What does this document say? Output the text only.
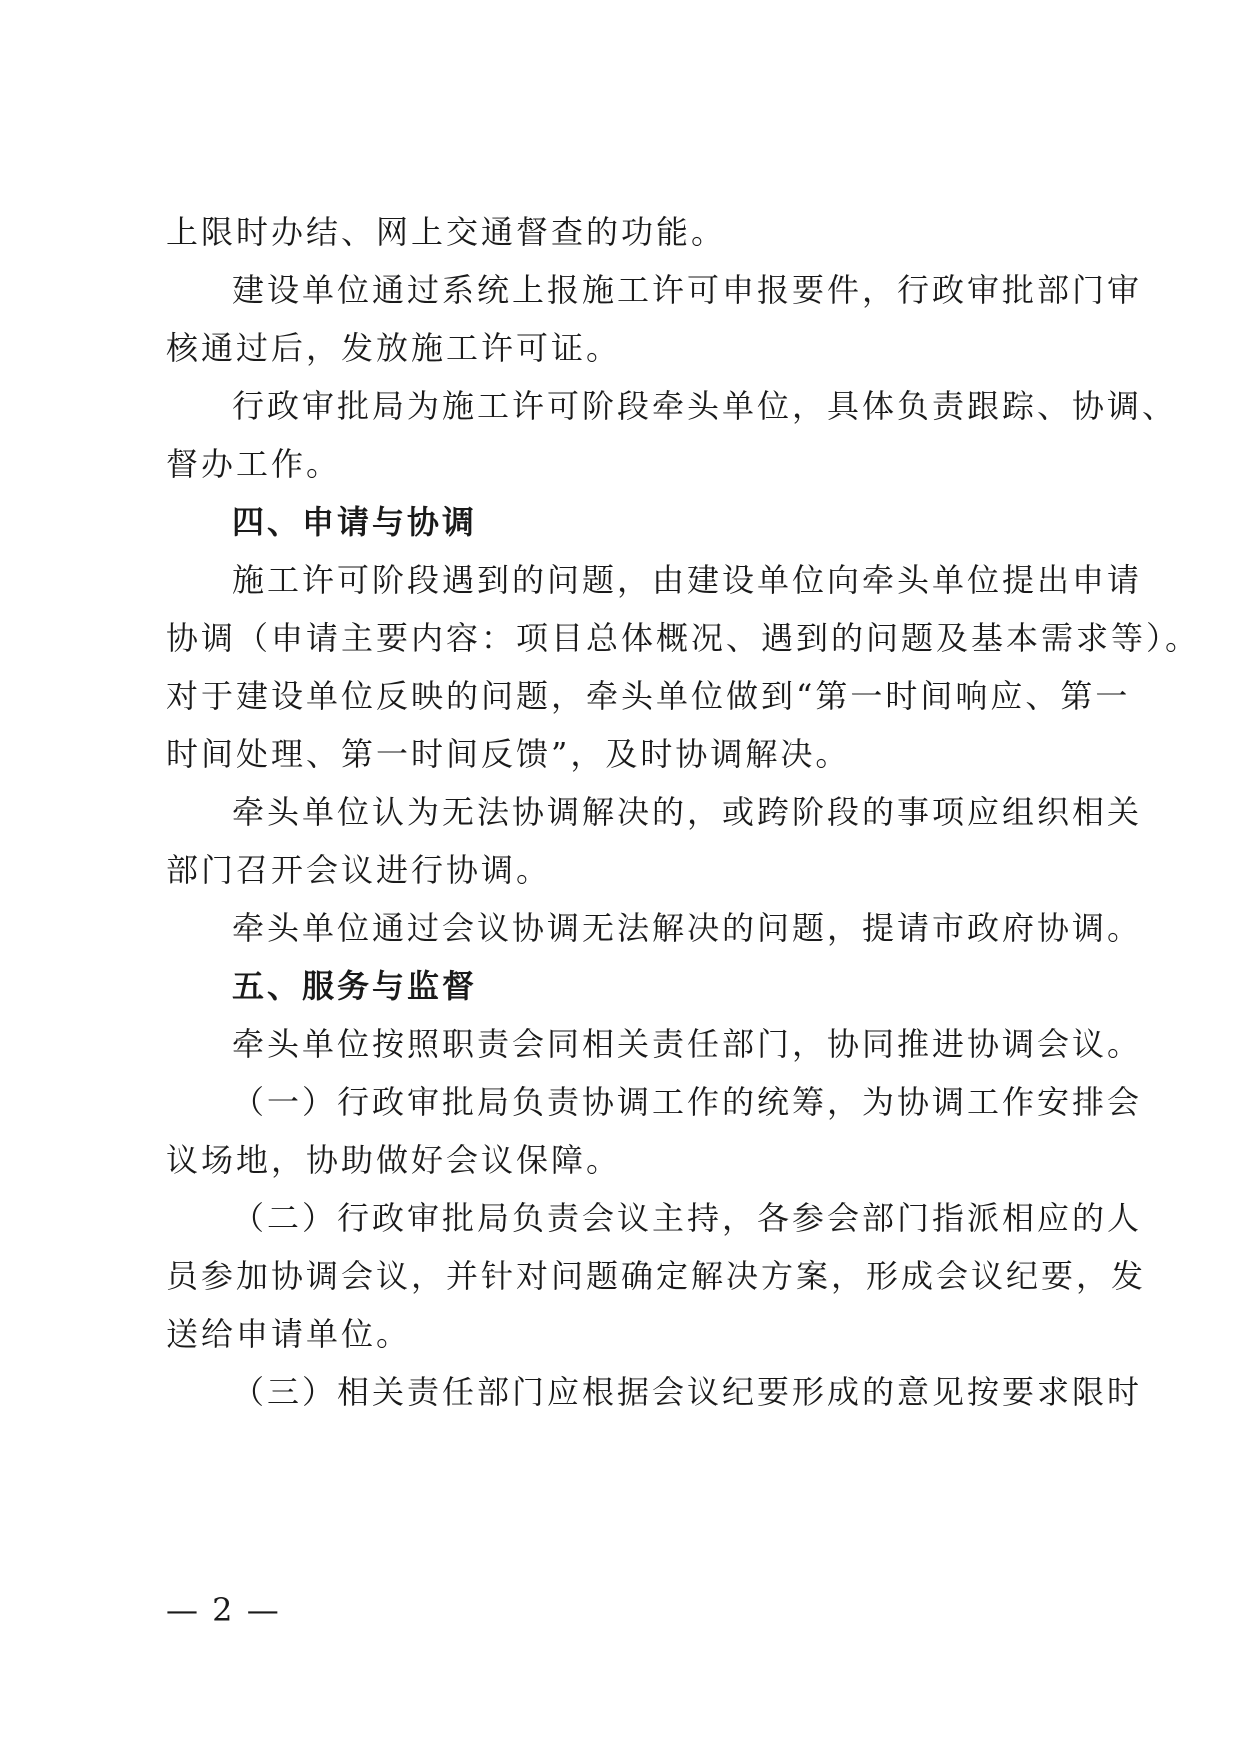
上限时办结、网上交通督查的功能。
建设单位通过系统上报施工许可申报要件，行政审批部门审
核通过后，发放施工许可证。
行政审批局为施工许可阶段牵头单位，具体负责跟踪、协调、
督办工作。
四、申请与协调
施工许可阶段遇到的问题，由建设单位向牵头单位提出申请
协调（申请主要内容：项目总体概况、遇到的问题及基本需求等）。
对于建设单位反映的问题，牵头单位做到“第一时间响应、第一
时间处理、第一时间反馈”，及时协调解决。
牵头单位认为无法协调解决的，或跨阶段的事项应组织相关
部门召开会议进行协调。
牵头单位通过会议协调无法解决的问题，提请市政府协调。
五、服务与监督
牵头单位按照职责会同相关责任部门，协同推进协调会议。
（一）行政审批局负责协调工作的统筹，为协调工作安排会
议场地，协助做好会议保障。
（二）行政审批局负责会议主持，各参会部门指派相应的人
员参加协调会议，并针对问题确定解决方案，形成会议纪要，发
送给申请单位。
（三）相关责任部门应根据会议纪要形成的意见按要求限时
— 2 —
